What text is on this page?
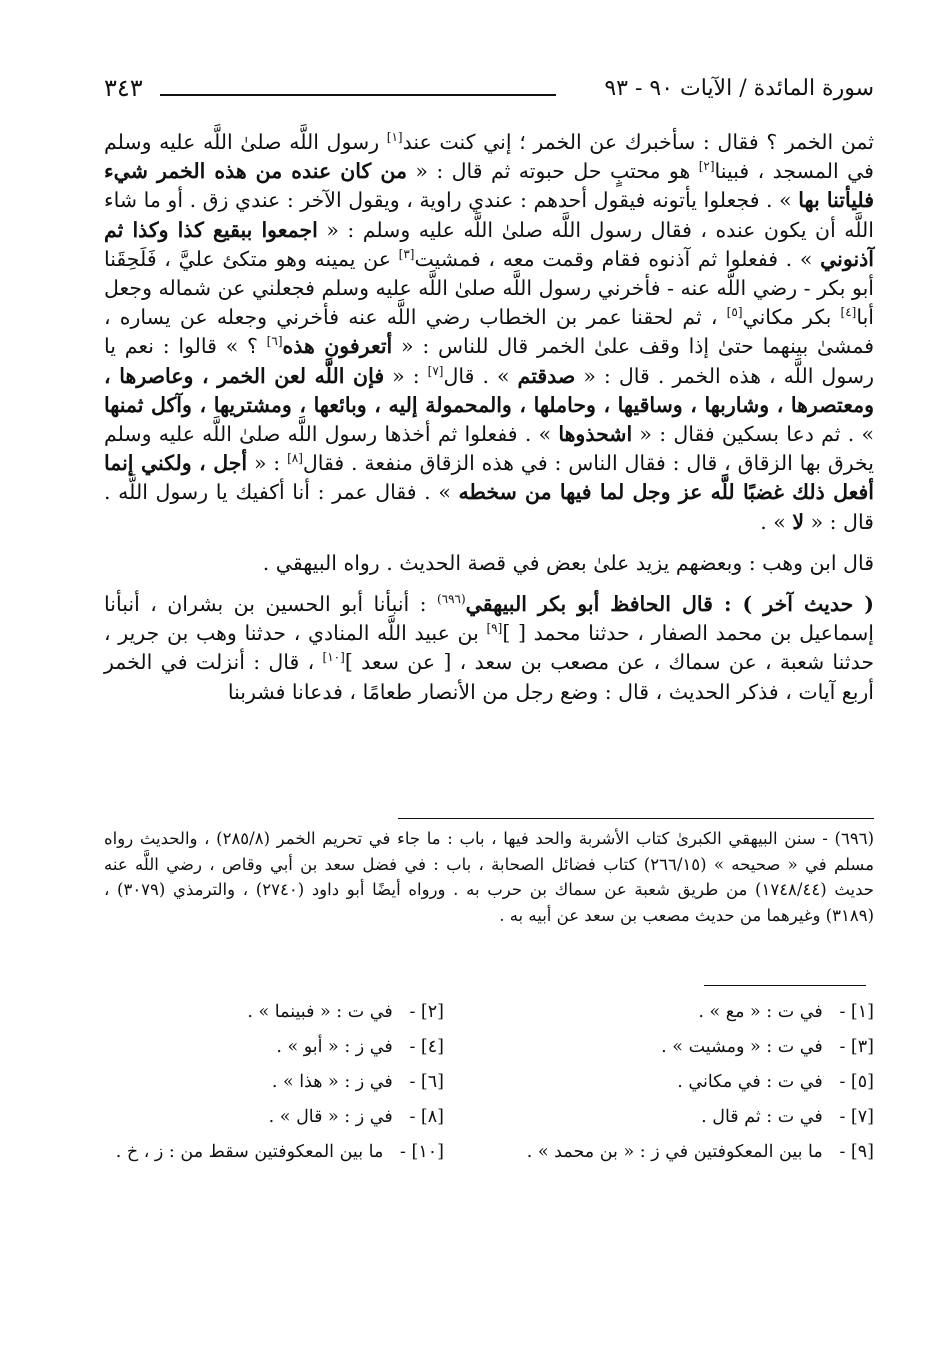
سورة المائدة / الآيات ٩٠ - ٩٣
٣٤٣

ثمن الخمر ؟ فقال : سأخبرك عن الخمر ؛ إني كنت عند[١] رسول اللَّه صلىٰ اللَّه عليه وسلم في المسجد ، فبينا[٢] هو محتبٍ حل حبوته ثم قال : « من كان عنده من هذه الخمر شيء فليأتنا بها » . فجعلوا يأتونه فيقول أحدهم : عندي راوية ، ويقول الآخر : عندي زق . أو ما شاء اللَّه أن يكون عنده ، فقال رسول اللَّه صلىٰ اللَّه عليه وسلم : « اجمعوا ببقيع كذا وكذا ثم آذنوني » . ففعلوا ثم آذنوه فقام وقمت معه ، فمشيت[٣] عن يمينه وهو متكئ عليَّ ، فَلَحِقَنا أبو بكر - رضي اللَّه عنه - فأخرني رسول اللَّه صلىٰ اللَّه عليه وسلم فجعلني عن شماله وجعل أبا[٤] بكر مكاني[٥] ، ثم لحقنا عمر بن الخطاب رضي اللَّه عنه فأخرني وجعله عن يساره ، فمشىٰ بينهما حتىٰ إذا وقف علىٰ الخمر قال للناس : « أتعرفون هذه[٦] ؟ » قالوا : نعم يا رسول اللَّه ، هذه الخمر . قال : « صدقتم » . قال[٧] : « فإن اللَّه لعن الخمر ، وعاصرها ، ومعتصرها ، وشاربها ، وساقيها ، وحاملها ، والمحمولة إليه ، وبائعها ، ومشتريها ، وآكل ثمنها » . ثم دعا بسكين فقال : « اشحذوها » . ففعلوا ثم أخذها رسول اللَّه صلىٰ اللَّه عليه وسلم يخرق بها الزقاق ، قال : فقال الناس : في هذه الزقاق منفعة . فقال[٨] : « أجل ، ولكني إنما أفعل ذلك غضبًا للَّه عز وجل لما فيها من سخطه » . فقال عمر : أنا أكفيك يا رسول اللَّه . قال : « لا » .

قال ابن وهب : وبعضهم يزيد علىٰ بعض في قصة الحديث . رواه البيهقي .

( حديث آخر ) : قال الحافظ أبو بكر البيهقي$^{(٦٩٦)}$ : أنبأنا أبو الحسين بن بشران ، أنبأنا إسماعيل بن محمد الصفار ، حدثنا محمد [ ][٩] بن عبيد اللَّه المنادي ، حدثنا وهب بن جرير ، حدثنا شعبة ، عن سماك ، عن مصعب بن سعد ، [ عن سعد ][١٠] ، قال : أنزلت في الخمر أربع آيات ، فذكر الحديث ، قال : وضع رجل من الأنصار طعامًا ، فدعانا فشربنا

(٦٩٦) - سنن البيهقي الكبرىٰ كتاب الأشربة والحد فيها ، باب : ما جاء في تحريم الخمر (٢٨٥/٨) ، والحديث رواه مسلم في « صحيحه » (٢٦٦/١٥) كتاب فضائل الصحابة ، باب : في فضل سعد بن أبي وقاص ، رضي اللَّه عنه حديث (١٧٤٨/٤٤) من طريق شعبة عن سماك بن حرب به . ورواه أيضًا أبو داود (٢٧٤٠) ، والترمذي (٣٠٧٩) ، (٣١٨٩) وغيرهما من حديث مصعب بن سعد عن أبيه به .

[١] -   في ت : « مع » .
[٢] -   في ت : « فبينما » .
[٣] -   في ت : « ومشيت » .
[٤] -   في ز : « أبو » .
[٥] -   في ت : في مكاني .
[٦] -   في ز : « هذا » .
[٧] -   في ت : ثم قال .
[٨] -   في ز : « قال » .
[٩] -   ما بين المعكوفتين في ز : « بن محمد » .
[١٠] -   ما بين المعكوفتين سقط من : ز ، خ .
